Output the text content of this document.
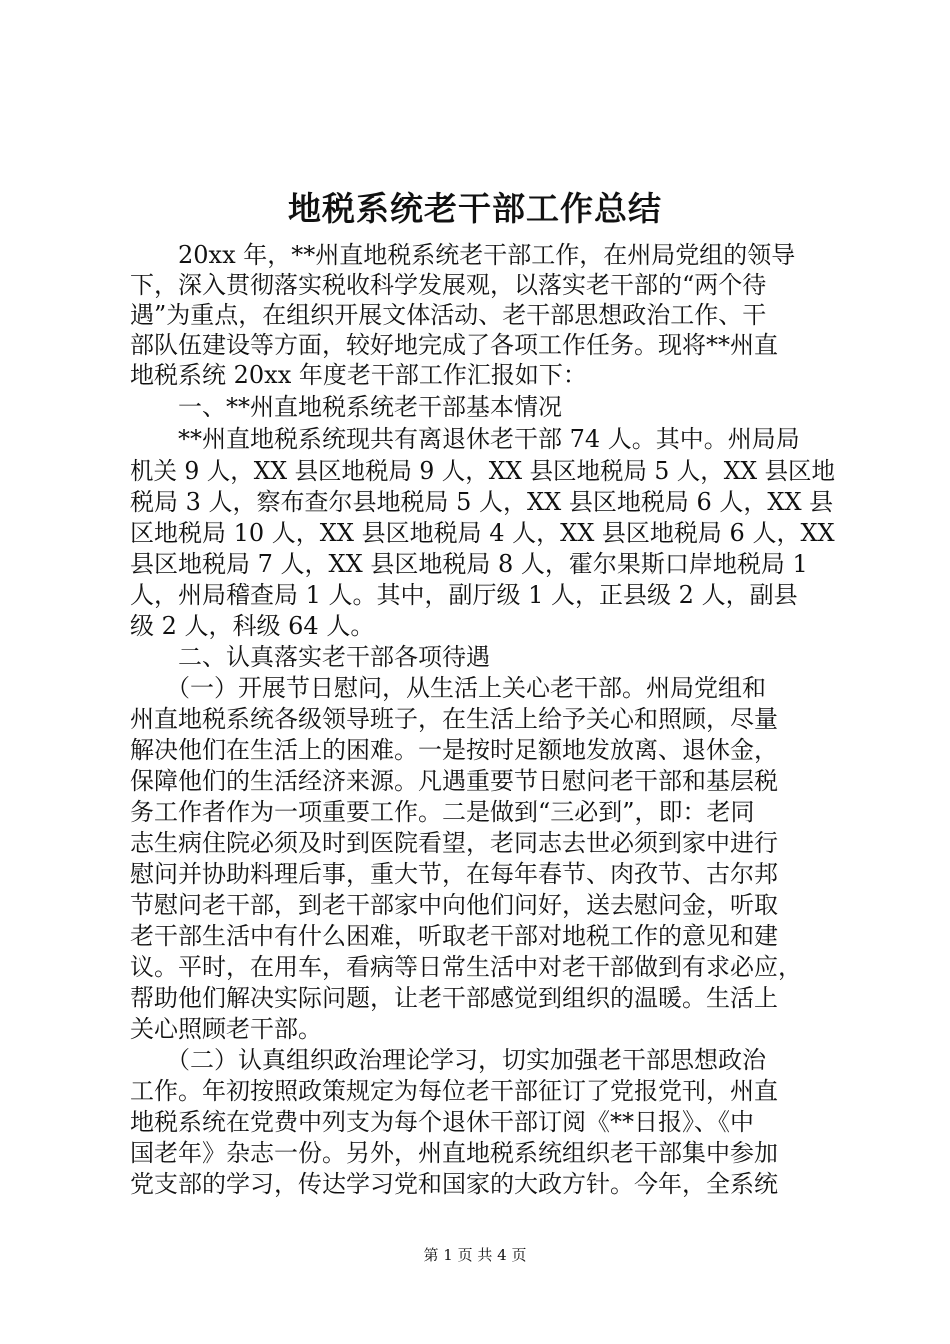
地税系统老干部工作总结

　　20xx 年，**州直地税系统老干部工作，在州局党组的领导

下，深入贯彻落实税收科学发展观，以落实老干部的“两个待

遇”为重点，在组织开展文体活动、老干部思想政治工作、干

部队伍建设等方面，较好地完成了各项工作任务。现将**州直

地税系统 20xx 年度老干部工作汇报如下：

　　一、**州直地税系统老干部基本情况

　　**州直地税系统现共有离退休老干部 74 人。其中。州局局

机关 9 人，XX 县区地税局 9 人，XX 县区地税局 5 人，XX 县区地

税局 3 人，察布查尔县地税局 5 人，XX 县区地税局 6 人，XX 县

区地税局 10 人，XX 县区地税局 4 人，XX 县区地税局 6 人，XX

县区地税局 7 人，XX 县区地税局 8 人，霍尔果斯口岸地税局 1

人，州局稽查局 1 人。其中，副厅级 1 人，正县级 2 人，副县

级 2 人，科级 64 人。

　　二、认真落实老干部各项待遇

　　（一）开展节日慰问，从生活上关心老干部。州局党组和

州直地税系统各级领导班子，在生活上给予关心和照顾，尽量

解决他们在生活上的困难。一是按时足额地发放离、退休金，

保障他们的生活经济来源。凡遇重要节日慰问老干部和基层税

务工作者作为一项重要工作。二是做到“三必到”，即：老同

志生病住院必须及时到医院看望，老同志去世必须到家中进行

慰问并协助料理后事，重大节，在每年春节、肉孜节、古尔邦

节慰问老干部，到老干部家中向他们问好，送去慰问金，听取

老干部生活中有什么困难，听取老干部对地税工作的意见和建

议。平时，在用车，看病等日常生活中对老干部做到有求必应，

帮助他们解决实际问题，让老干部感觉到组织的温暖。生活上

关心照顾老干部。

　　（二）认真组织政治理论学习，切实加强老干部思想政治

工作。年初按照政策规定为每位老干部征订了党报党刊，州直

地税系统在党费中列支为每个退休干部订阅《**日报》、《中

国老年》杂志一份。另外，州直地税系统组织老干部集中参加

党支部的学习，传达学习党和国家的大政方针。今年，全系统

第 1 页 共 4 页
